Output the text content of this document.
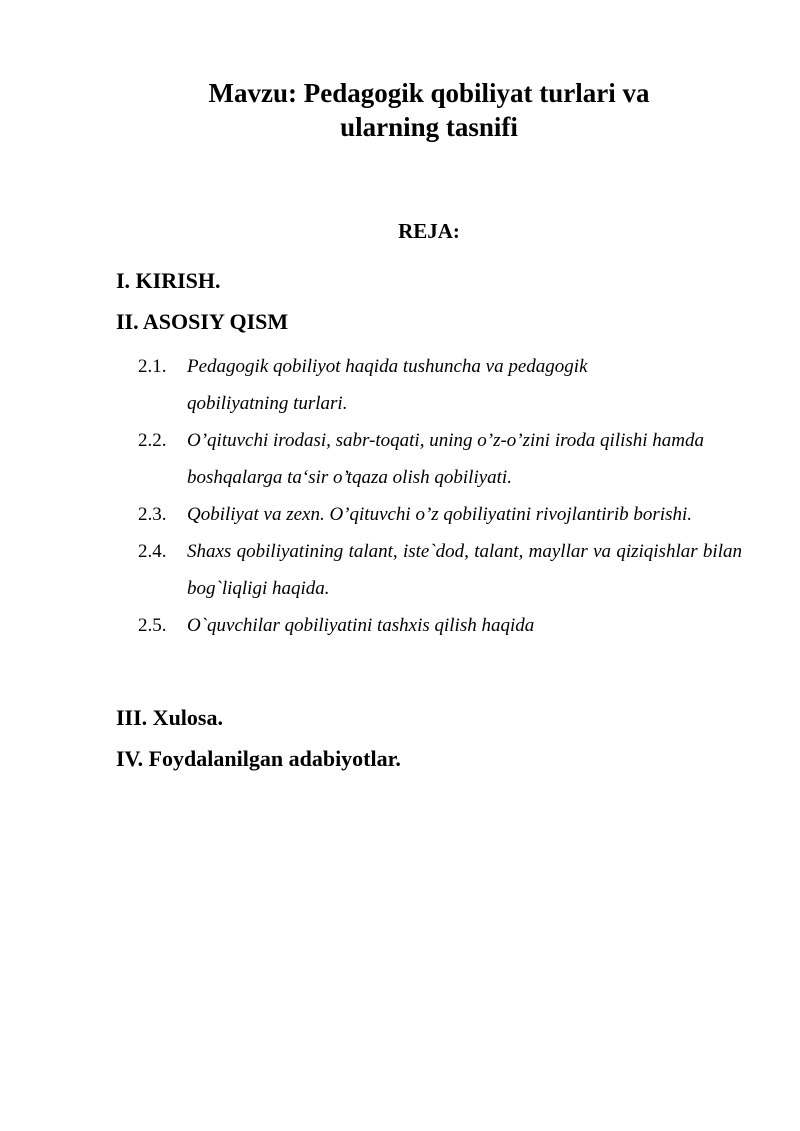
Mavzu: Pedagogik qobiliyat turlari va
ularning tasnifi
REJA:
I. KIRISH.
II. ASOSIY QISM
2.1. Pedagogik qobiliyot haqida tushuncha va pedagogik qobiliyatning turlari.
2.2. O’qituvchi irodasi, sabr-toqati, uning o’z-o’zini iroda qilishi hamda boshqalarga ta‘sir o’tqaza olish qobiliyati.
2.3. Qobiliyat va zexn. O’qituvchi o’z qobiliyatini rivojlantirib borishi.
2.4. Shaxs qobiliyatining talant, iste`dod, talant, mayllar va qiziqishlar bilan bog`liqligi haqida.
2.5. O`quvchilar qobiliyatini tashxis qilish haqida
III. Xulosa.
IV. Foydalanilgan adabiyotlar.
